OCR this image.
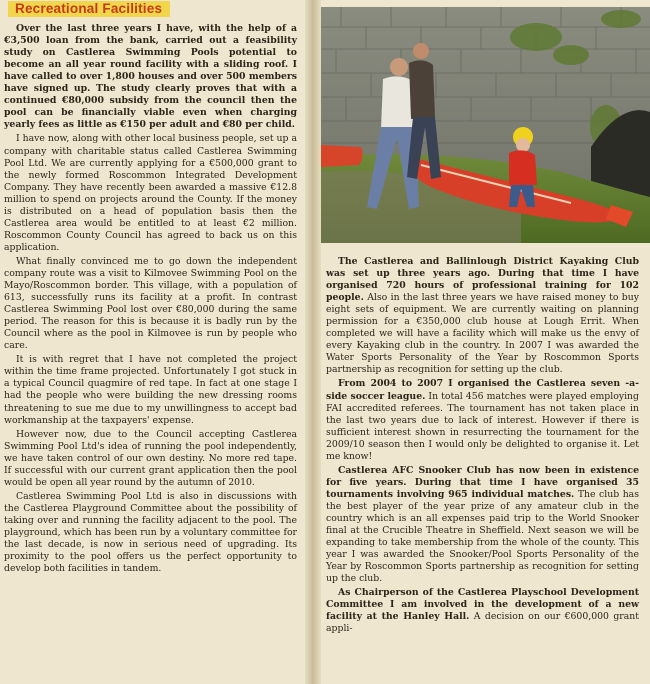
Recreational Facilities

Over the last three years I have, with the help of a €3,500 loan from the bank, carried out a feasibility study on Castlerea Swimming Pools potential to become an all year round facility with a sliding roof. I have called to over 1,800 houses and over 500 members have signed up. The study clearly proves that with a continued €80,000 subsidy from the council then the pool can be financially viable even when charging yearly fees as little as €150 per adult and €80 per child.

I have now, along with other local business people, set up a company with charitable status called Castlerea Swimming Pool Ltd. We are currently applying for a €500,000 grant to the newly formed Roscommon Integrated Development Company. They have recently been awarded a massive €12.8 million to spend on projects around the County. If the money is distributed on a head of population basis then the Castlerea area would be entitled to at least €2 million. Roscommon County Council has agreed to back us on this application.

What finally convinced me to go down the independent company route was a visit to Kilmovee Swimming Pool on the Mayo/Roscommon border. This village, with a population of 613, successfully runs its facility at a profit. In contrast Castlerea Swimming Pool lost over €80,000 during the same period. The reason for this is because it is badly run by the Council where as the pool in Kilmovee is run by people who care.

It is with regret that I have not completed the project within the time frame projected. Unfortunately I got stuck in a typical Council quagmire of red tape. In fact at one stage I had the people who were building the new dressing rooms threatening to sue me due to my unwillingness to accept bad workmanship at the taxpayers' expense.

However now, due to the Council accepting Castlerea Swimming Pool Ltd's idea of running the pool independently, we have taken control of our own destiny. No more red tape. If successful with our current grant application then the pool would be open all year round by the autumn of 2010.

Castlerea Swimming Pool Ltd is also in discussions with the Castlerea Playground Committee about the possibility of taking over and running the facility adjacent to the pool. The playground, which has been run by a voluntary committee for the last decade, is now in serious need of upgrading. Its proximity to the pool offers us the perfect opportunity to develop both facilities in tandem.

The Castlerea and Ballinlough District Kayaking Club was set up three years ago. During that time I have organised 720 hours of professional training for 102 people. Also in the last three years we have raised money to buy eight sets of equipment. We are currently waiting on planning permission for a €350,000 club house at Lough Errit. When completed we will have a facility which will make us the envy of every Kayaking club in the country. In 2007 I was awarded the Water Sports Personality of the Year by Roscommon Sports partnership as recognition for setting up the club.

From 2004 to 2007 I organised the Castlerea seven -a-side soccer league. In total 456 matches were played employing FAI accredited referees. The tournament has not taken place in the last two years due to lack of interest. However if there is sufficient interest shown in resurrecting the tournament for the 2009/10 season then I would only be delighted to organise it. Let me know!

Castlerea AFC Snooker Club has now been in existence for five years. During that time I have organised 35 tournaments involving 965 individual matches. The club has the best player of the year prize of any amateur club in the country which is an all expenses paid trip to the World Snooker final at the Crucible Theatre in Sheffield. Next season we will be expanding to take membership from the whole of the county. This year I was awarded the Snooker/Pool Sports Personality of the Year by Roscommon Sports partnership as recognition for setting up the club.

As Chairperson of the Castlerea Playschool Development Committee I am involved in the development of a new facility at the Hanley Hall. A decision on our €600,000 grant appli-
